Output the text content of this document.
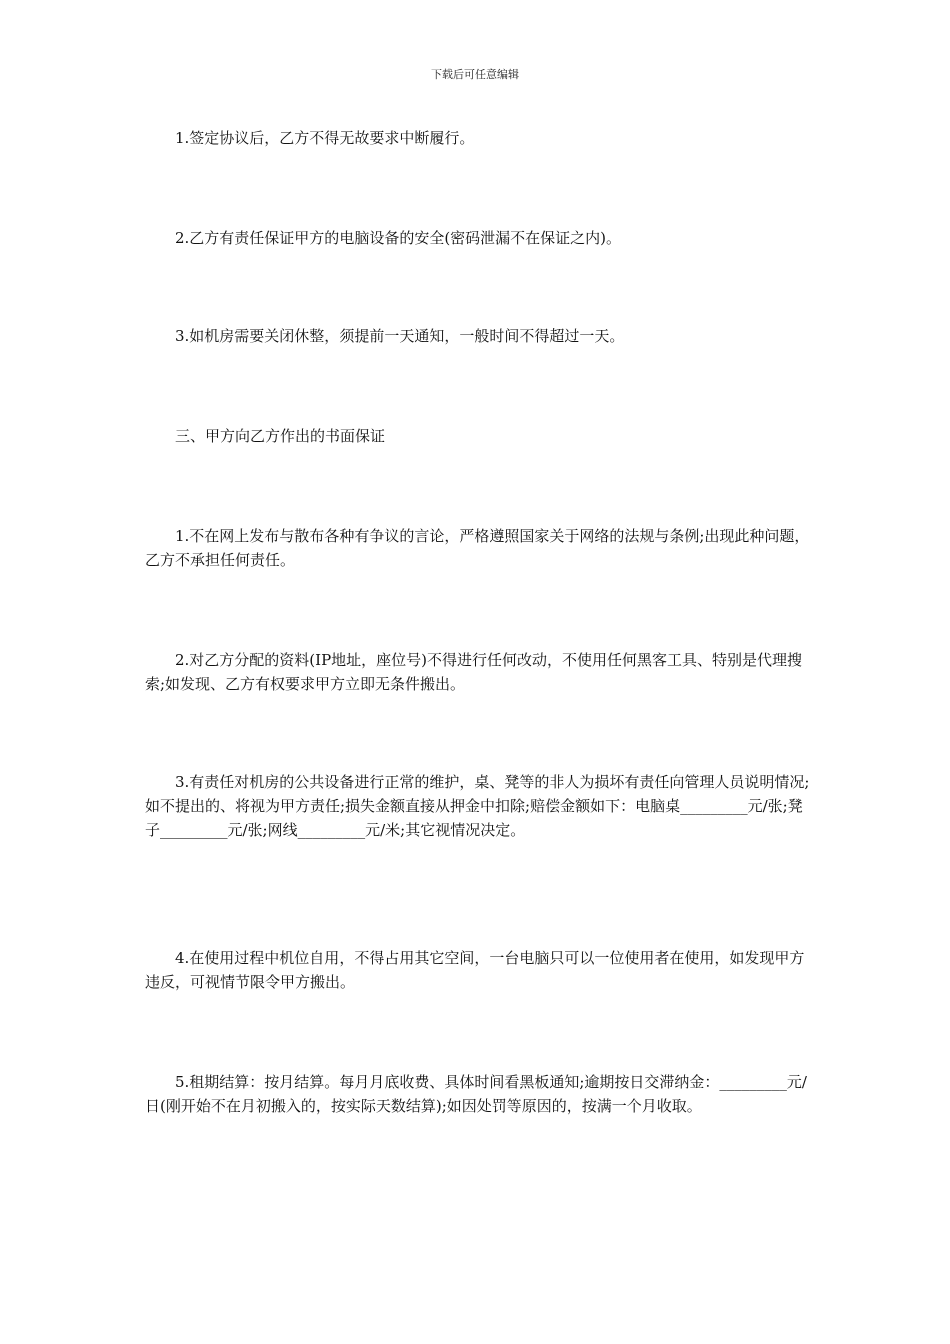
下载后可任意编辑

1.签定协议后，乙方不得无故要求中断履行。

2.乙方有责任保证甲方的电脑设备的安全(密码泄漏不在保证之内)。

3.如机房需要关闭休整，须提前一天通知，一般时间不得超过一天。

三、甲方向乙方作出的书面保证

1.不在网上发布与散布各种有争议的言论，严格遵照国家关于网络的法规与条例;出现此种问题，乙方不承担任何责任。

2.对乙方分配的资料(IP地址，座位号)不得进行任何改动，不使用任何黑客工具、特别是代理搜索;如发现、乙方有权要求甲方立即无条件搬出。

3.有责任对机房的公共设备进行正常的维护，桌、凳等的非人为损坏有责任向管理人员说明情况;如不提出的、将视为甲方责任;损失金额直接从押金中扣除;赔偿金额如下：电脑桌_________元/张;凳子_________元/张;网线_________元/米;其它视情况决定。

4.在使用过程中机位自用，不得占用其它空间，一台电脑只可以一位使用者在使用，如发现甲方违反，可视情节限令甲方搬出。

5.租期结算：按月结算。每月月底收费、具体时间看黑板通知;逾期按日交滞纳金：_________元/日(刚开始不在月初搬入的，按实际天数结算);如因处罚等原因的，按满一个月收取。
